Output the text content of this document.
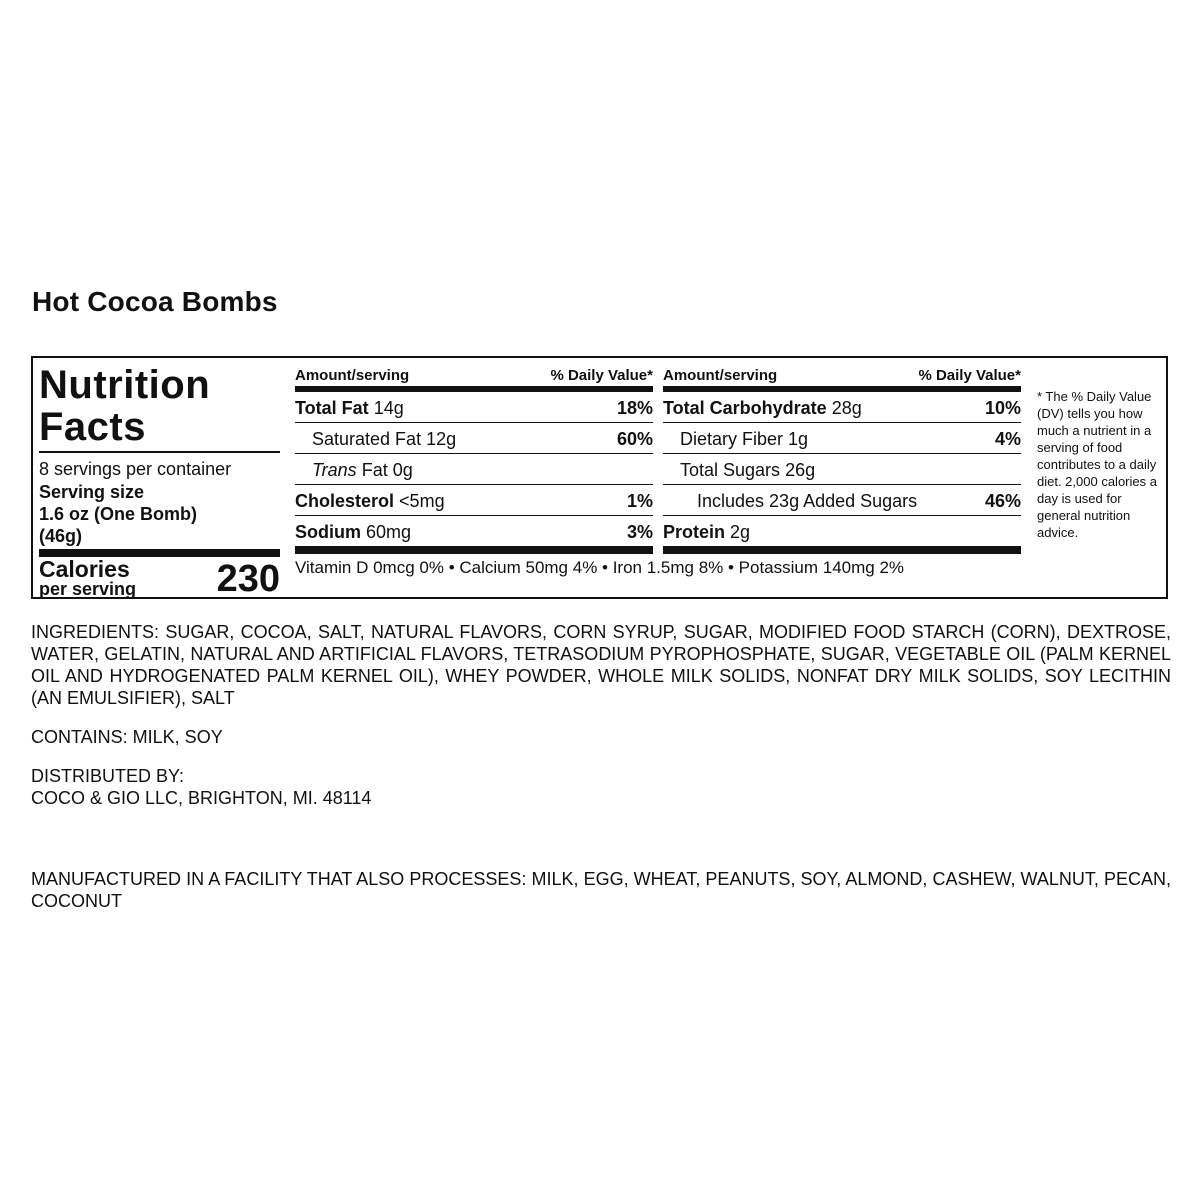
Hot Cocoa Bombs
Nutrition
Facts
8 servings per container
Serving size
1.6 oz (One Bomb)
(46g)
Calories
per serving 230
Amount/serving	% Daily Value*
Total Fat 14g	18%
Saturated Fat 12g	60%
Trans Fat 0g
Cholesterol <5mg	1%
Sodium 60mg	3%
Amount/serving	% Daily Value*
Total Carbohydrate 28g	10%
Dietary Fiber 1g	4%
Total Sugars 26g
Includes 23g Added Sugars	46%
Protein 2g
Vitamin D 0mcg 0% • Calcium 50mg 4% • Iron 1.5mg 8% • Potassium 140mg 2%
* The % Daily Value (DV) tells you how much a nutrient in a serving of food contributes to a daily diet. 2,000 calories a day is used for general nutrition advice.
INGREDIENTS: SUGAR, COCOA, SALT, NATURAL FLAVORS, CORN SYRUP, SUGAR, MODIFIED FOOD STARCH (CORN), DEXTROSE, WATER, GELATIN, NATURAL AND ARTIFICIAL FLAVORS, TETRASODIUM PYROPHOSPHATE, SUGAR, VEGETABLE OIL (PALM KERNEL OIL AND HYDROGENATED PALM KERNEL OIL), WHEY POWDER, WHOLE MILK SOLIDS, NONFAT DRY MILK SOLIDS, SOY LECITHIN (AN EMULSIFIER), SALT
CONTAINS: MILK, SOY
DISTRIBUTED BY:
COCO & GIO LLC, BRIGHTON, MI. 48114
MANUFACTURED IN A FACILITY THAT ALSO PROCESSES: MILK, EGG, WHEAT, PEANUTS, SOY, ALMOND, CASHEW, WALNUT, PECAN, COCONUT
